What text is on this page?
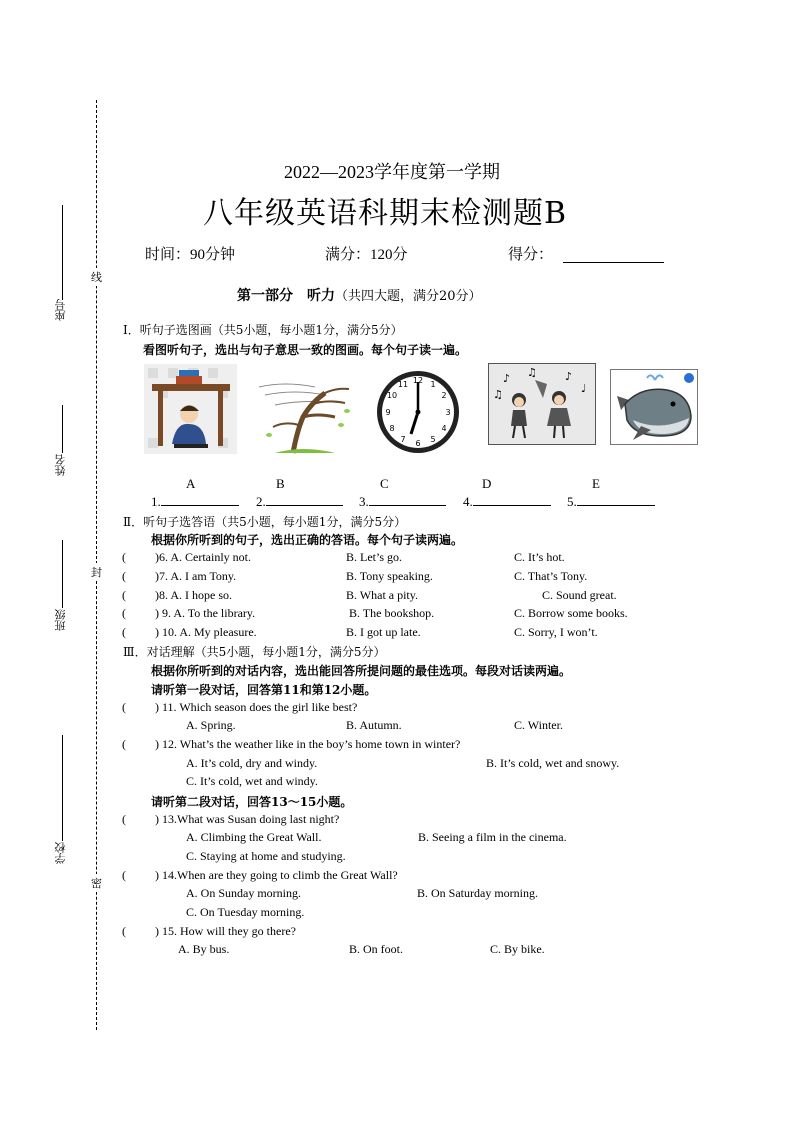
线
封
密
座号
姓名
班级
学校
2022—2023学年度第一学期
八年级英语科期末检测题B
时间：90分钟	满分：120分	得分：
第一部分　听力（共四大题，满分20分）
I．听句子选图画（共5小题，每小题1分，满分5分）
看图听句子，选出与句子意思一致的图画。每个句子读一遍。
12 1
2
3
4
5
6
7
8
9
10
11	♪ ♫	♪
♩
♫
A	B	C	D	E
1.	2.	3.	4.	5.
Ⅱ．听句子选答语（共5小题，每小题1分，满分5分）
根据你所听到的句子，选出正确的答语。每个句子读两遍。
( )6. A. Certainly not.	B. Let’s go.	C. It’s hot.
( )7. A. I am Tony.	B. Tony speaking.	C. That’s Tony.
( )8. A. I hope so.	B. What a pity.	C. Sound great.
( ) 9. A. To the library.	B. The bookshop.	C. Borrow some books.
( ) 10. A. My pleasure.	B. I got up late.	C. Sorry, I won’t.
Ⅲ．对话理解（共5小题，每小题1分，满分5分）
根据你所听到的对话内容，选出能回答所提问题的最佳选项。每段对话读两遍。
请听第一段对话，回答第11和第12小题。
( ) 11. Which season does the girl like best?
A. Spring.	B. Autumn.	C. Winter.
( ) 12. What’s the weather like in the boy’s home town in winter?
A. It’s cold, dry and windy.	B. It’s cold, wet and snowy.
C. It’s cold, wet and windy.
请听第二段对话，回答13～15小题。
( ) 13.What was Susan doing last night?
A. Climbing the Great Wall.	B. Seeing a film in the cinema.
C. Staying at home and studying.
( ) 14.When are they going to climb the Great Wall?
A. On Sunday morning.	B. On Saturday morning.
C. On Tuesday morning.
( ) 15. How will they go there?
A. By bus.	B. On foot.	C. By bike.
